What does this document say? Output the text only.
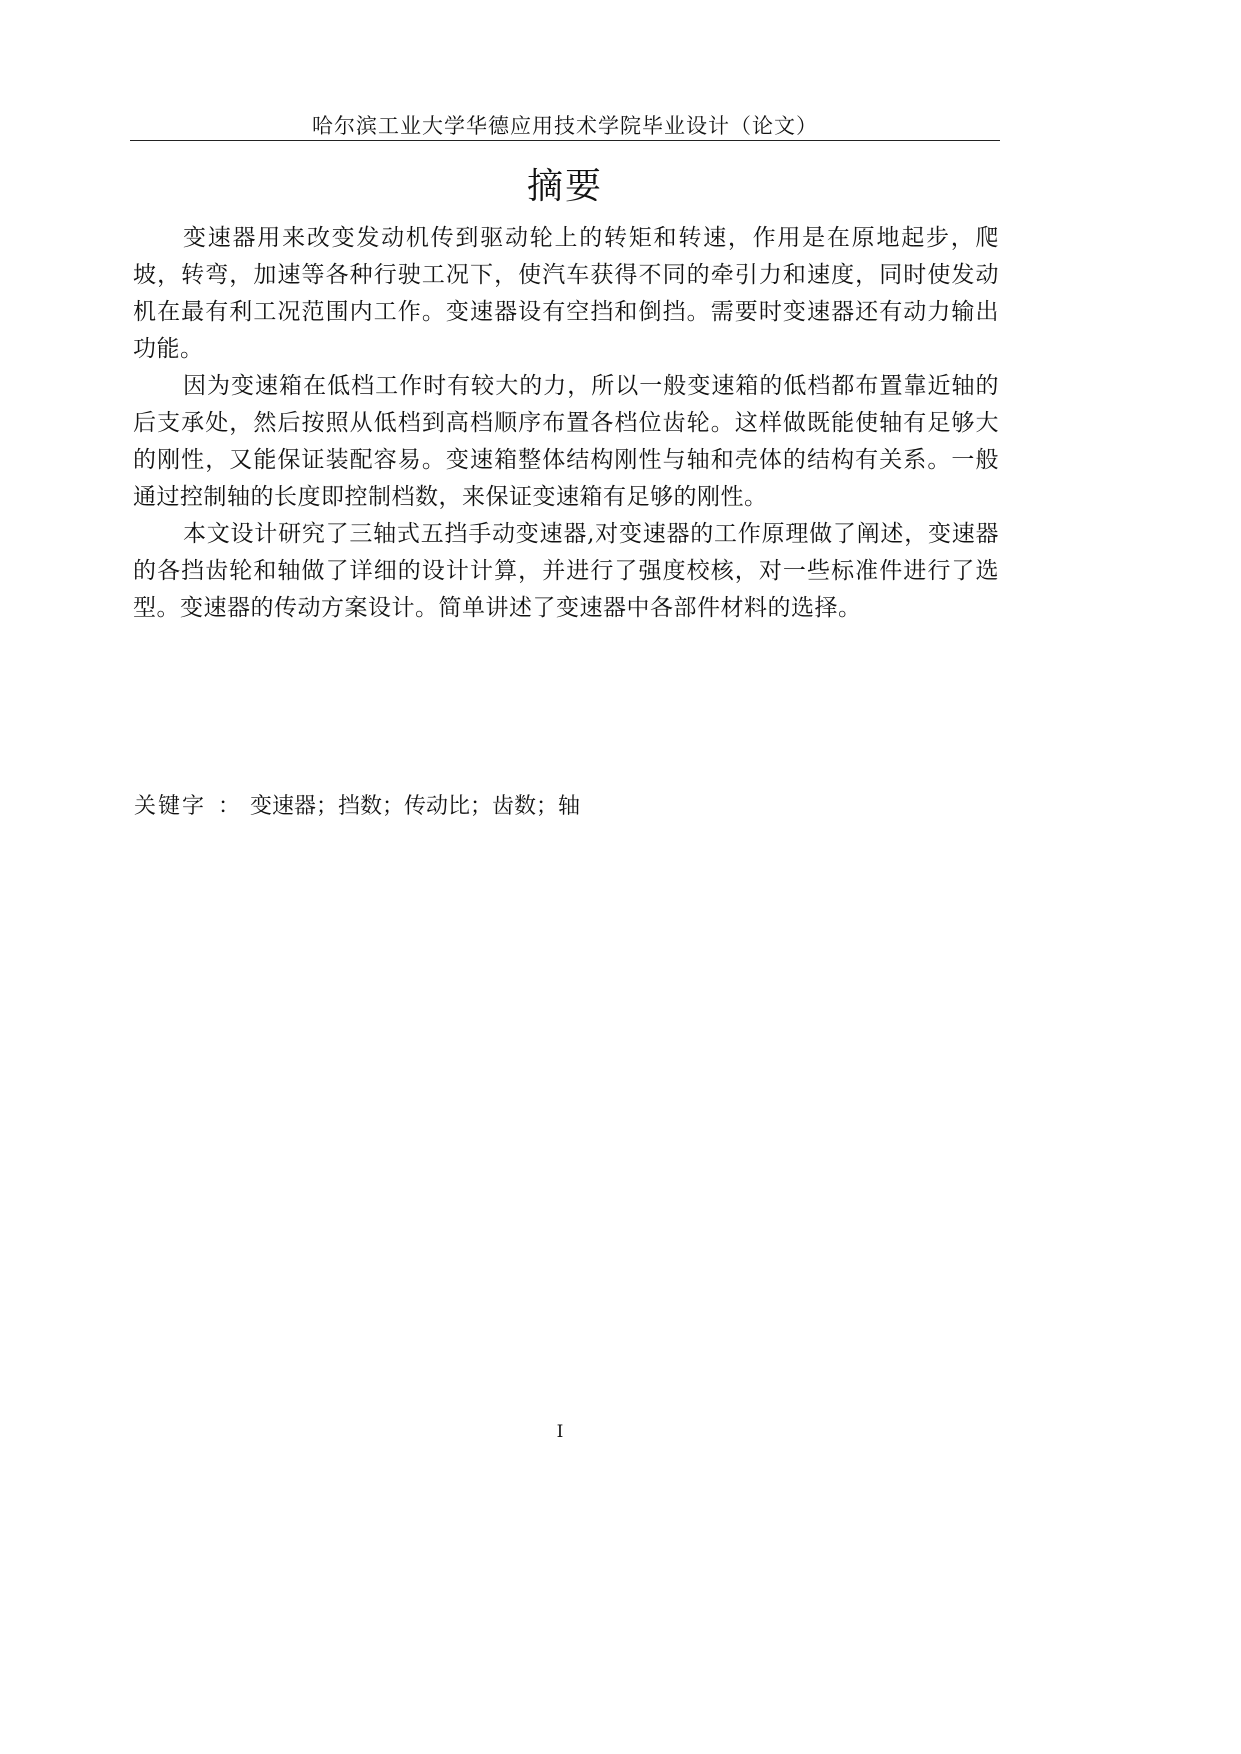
哈尔滨工业大学华德应用技术学院毕业设计（论文）
摘要

变速器用来改变发动机传到驱动轮上的转矩和转速，作用是在原地起步，爬坡，转弯，加速等各种行驶工况下，使汽车获得不同的牵引力和速度，同时使发动机在最有利工况范围内工作。变速器设有空挡和倒挡。需要时变速器还有动力输出功能。

因为变速箱在低档工作时有较大的力，所以一般变速箱的低档都布置靠近轴的后支承处，然后按照从低档到高档顺序布置各档位齿轮。这样做既能使轴有足够大的刚性，又能保证装配容易。变速箱整体结构刚性与轴和壳体的结构有关系。一般通过控制轴的长度即控制档数，来保证变速箱有足够的刚性。

本文设计研究了三轴式五挡手动变速器,对变速器的工作原理做了阐述，变速器的各挡齿轮和轴做了详细的设计计算，并进行了强度校核，对一些标准件进行了选型。变速器的传动方案设计。简单讲述了变速器中各部件材料的选择。

关键字 ： 变速器；挡数；传动比；齿数；轴
I
